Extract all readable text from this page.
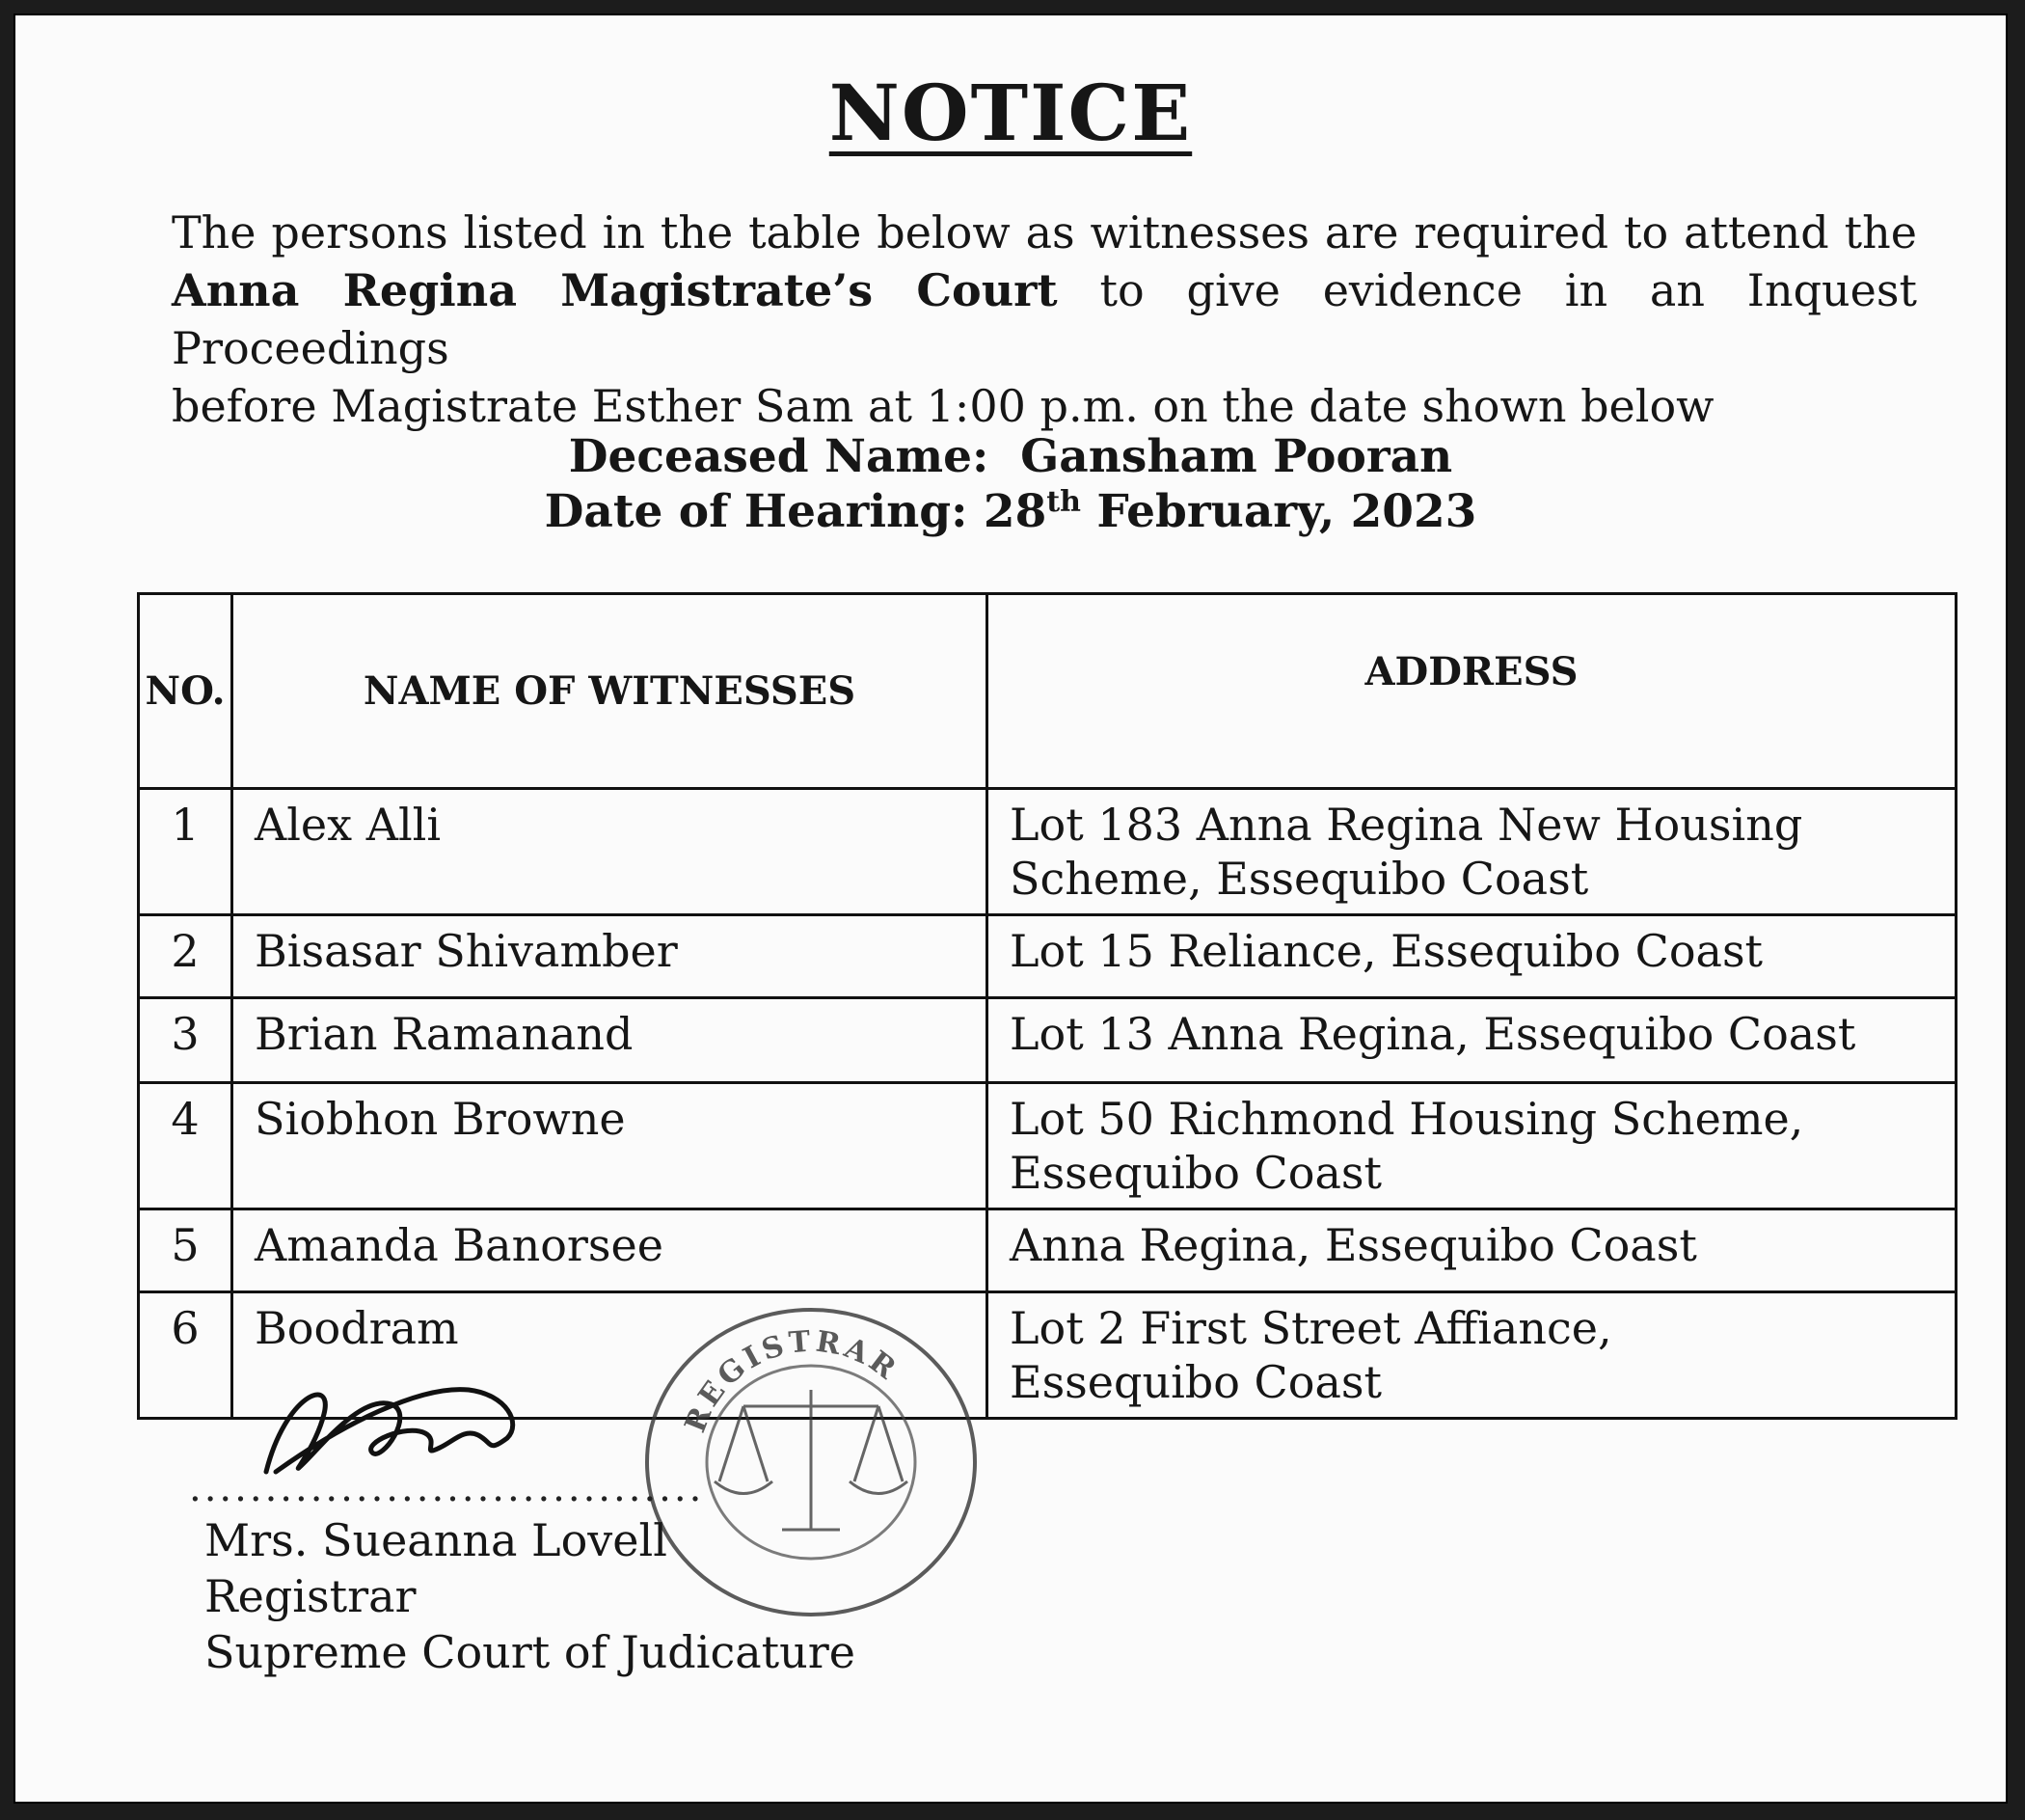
NOTICE
The persons listed in the table below as witnesses are required to attend the
Anna Regina Magistrate’s Court to give evidence in an Inquest Proceedings
before Magistrate Esther Sam at 1:00 p.m. on the date shown below
Deceased Name: Gansham Pooran
Date of Hearing: 28th February, 2023
NO.	NAME OF WITNESSES	ADDRESS
1	Alex Alli	Lot 183 Anna Regina New Housing
Scheme, Essequibo Coast

2	Bisasar Shivamber	Lot 15 Reliance, Essequibo Coast

3	Brian Ramanand	Lot 13 Anna Regina, Essequibo Coast

4	Siobhon Browne	Lot 50 Richmond Housing Scheme,
Essequibo Coast

5	Amanda Banorsee	Anna Regina, Essequibo Coast

6	Boodram	Lot 2 First Street Affiance,
Essequibo Coast
REGISTRAR
..................................
Mrs. Sueanna Lovell
Registrar
Supreme Court of Judicature
